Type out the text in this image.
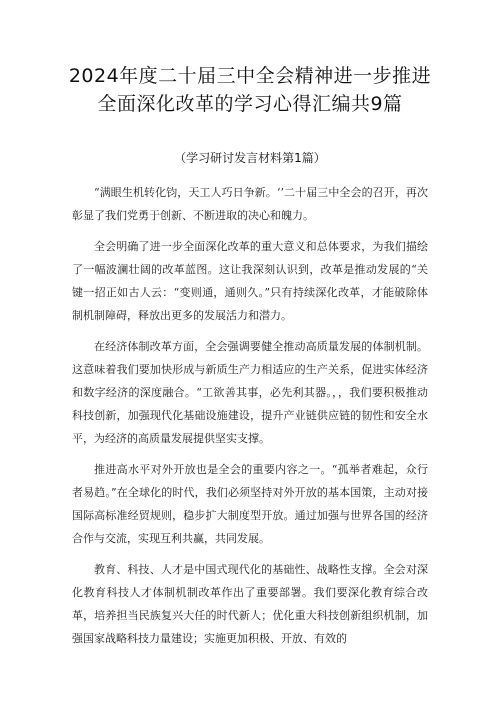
2024年度二十届三中全会精神进一步推进
全面深化改革的学习心得汇编共9篇
（学习研讨发言材料第1篇）

“满眼生机转化钧，天工人巧日争新。‘’二十届三中全会的召开，再次彰显了我们党勇于创新、不断进取的决心和魄力。

全会明确了进一步全面深化改革的重大意义和总体要求，为我们描绘了一幅波澜壮阔的改革蓝图。这让我深刻认识到，改革是推动发展的“关键一招正如古人云：“变则通，通则久。”只有持续深化改革，才能破除体制机制障碍，释放出更多的发展活力和潜力。

在经济体制改革方面，全会强调要健全推动高质量发展的体制机制。这意味着我们要加快形成与新质生产力相适应的生产关系，促进实体经济和数字经济的深度融合。“工欲善其事，必先利其器。，，我们要积极推动科技创新，加强现代化基础设施建设，提升产业链供应链的韧性和安全水平，为经济的高质量发展提供坚实支撑。

推进高水平对外开放也是全会的重要内容之一。“孤举者难起，众行者易趋。”在全球化的时代，我们必须坚持对外开放的基本国策，主动对接国际高标准经贸规则，稳步扩大制度型开放。通过加强与世界各国的经济合作与交流，实现互利共赢，共同发展。

教育、科技、人才是中国式现代化的基础性、战略性支撑。全会对深化教育科技人才体制机制改革作出了重要部署。我们要深化教育综合改革，培养担当民族复兴大任的时代新人；优化重大科技创新组织机制，加强国家战略科技力量建设；实施更加积极、开放、有效的
